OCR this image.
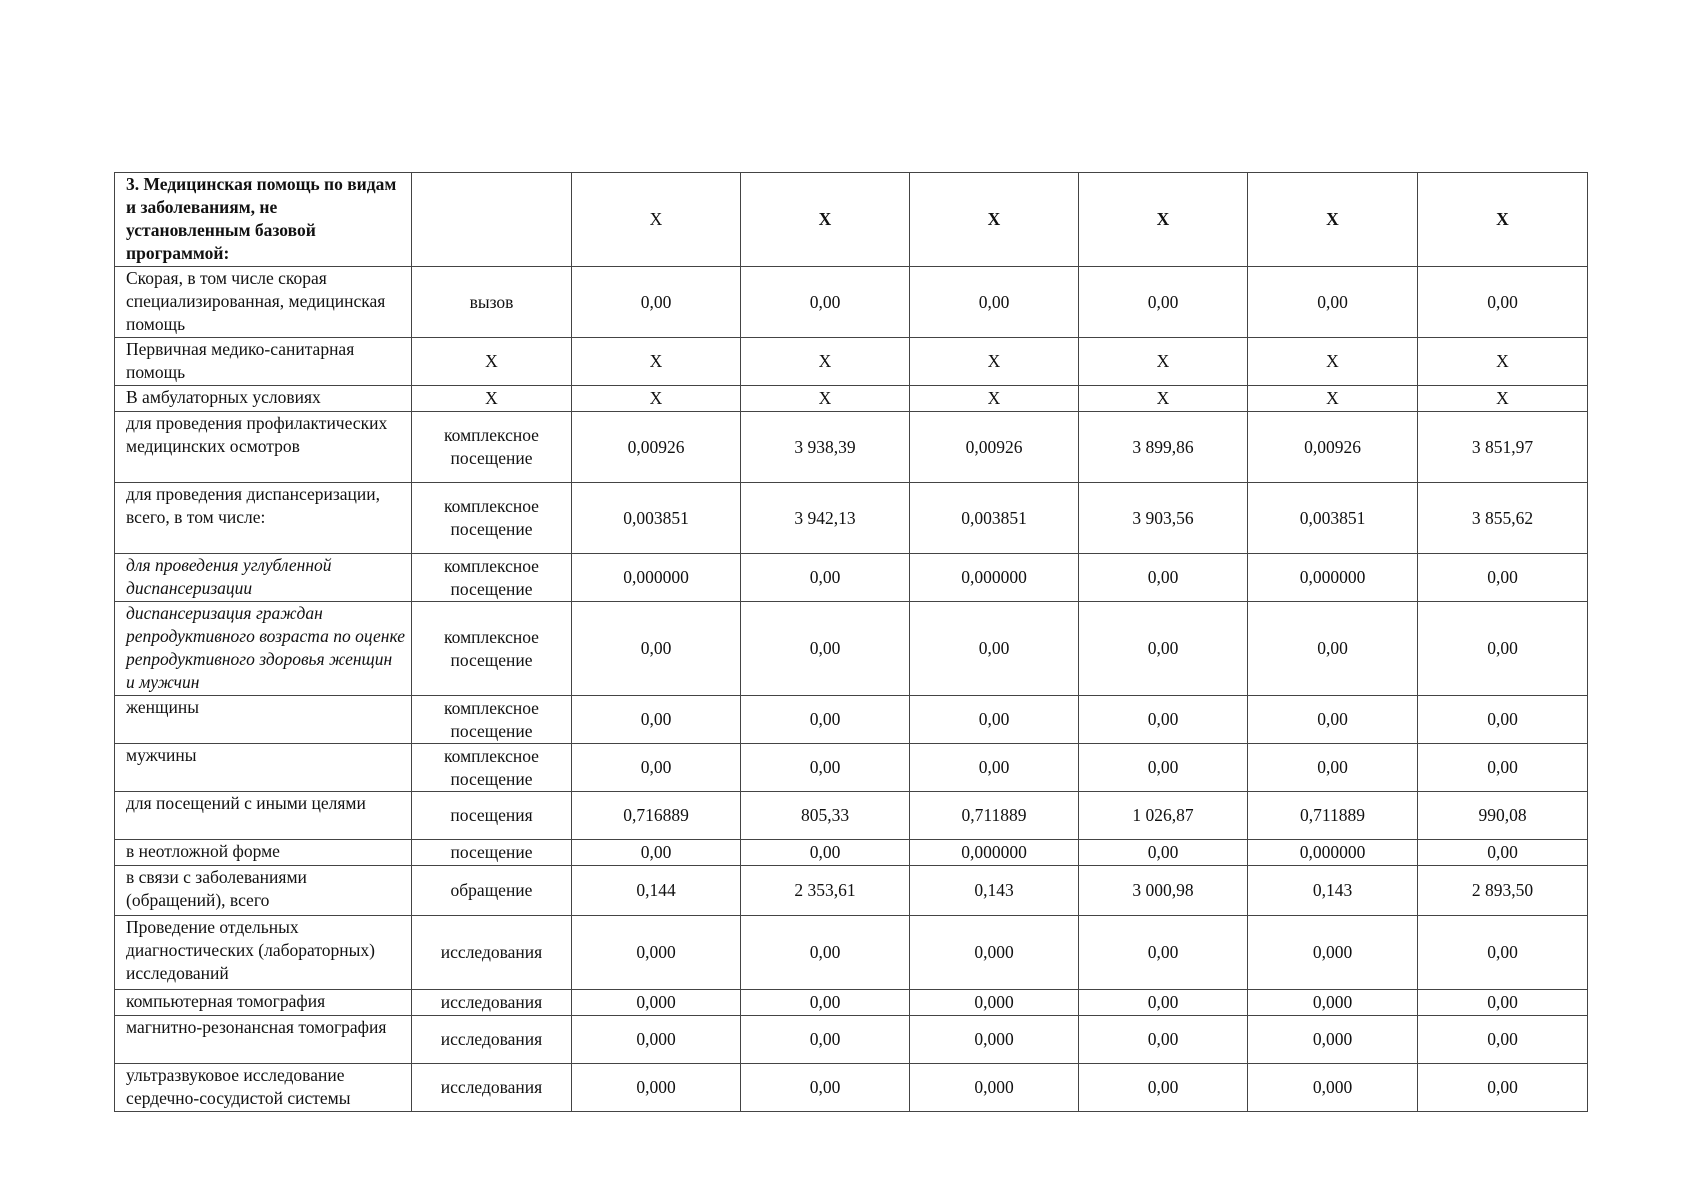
3. Медицинская помощь по видам и заболеваниям, не установленным базовой программой:		X	X	X	X	X	X
Скорая, в том числе скорая специализированная, медицинская помощь	вызов	0,00	0,00	0,00	0,00	0,00	0,00
Первичная медико-санитарная помощь	X	X	X	X	X	X	X
В амбулаторных условиях	X	X	X	X	X	X	X
для проведения профилактических медицинских осмотров	комплексное посещение	0,00926	3 938,39	0,00926	3 899,86	0,00926	3 851,97
для проведения диспансеризации, всего, в том числе:	комплексное посещение	0,003851	3 942,13	0,003851	3 903,56	0,003851	3 855,62
для проведения углубленной диспансеризации	комплексное посещение	0,000000	0,00	0,000000	0,00	0,000000	0,00
диспансеризация граждан репродуктивного возраста по оценке репродуктивного здоровья женщин и мужчин	комплексное посещение	0,00	0,00	0,00	0,00	0,00	0,00
женщины	комплексное посещение	0,00	0,00	0,00	0,00	0,00	0,00
мужчины	комплексное посещение	0,00	0,00	0,00	0,00	0,00	0,00
для посещений с иными целями	посещения	0,716889	805,33	0,711889	1 026,87	0,711889	990,08
в неотложной форме	посещение	0,00	0,00	0,000000	0,00	0,000000	0,00
в связи с заболеваниями (обращений), всего	обращение	0,144	2 353,61	0,143	3 000,98	0,143	2 893,50
Проведение отдельных диагностических (лабораторных) исследований	исследования	0,000	0,00	0,000	0,00	0,000	0,00
компьютерная томография	исследования	0,000	0,00	0,000	0,00	0,000	0,00
магнитно-резонансная томография	исследования	0,000	0,00	0,000	0,00	0,000	0,00
ультразвуковое исследование сердечно-сосудистой системы	исследования	0,000	0,00	0,000	0,00	0,000	0,00
